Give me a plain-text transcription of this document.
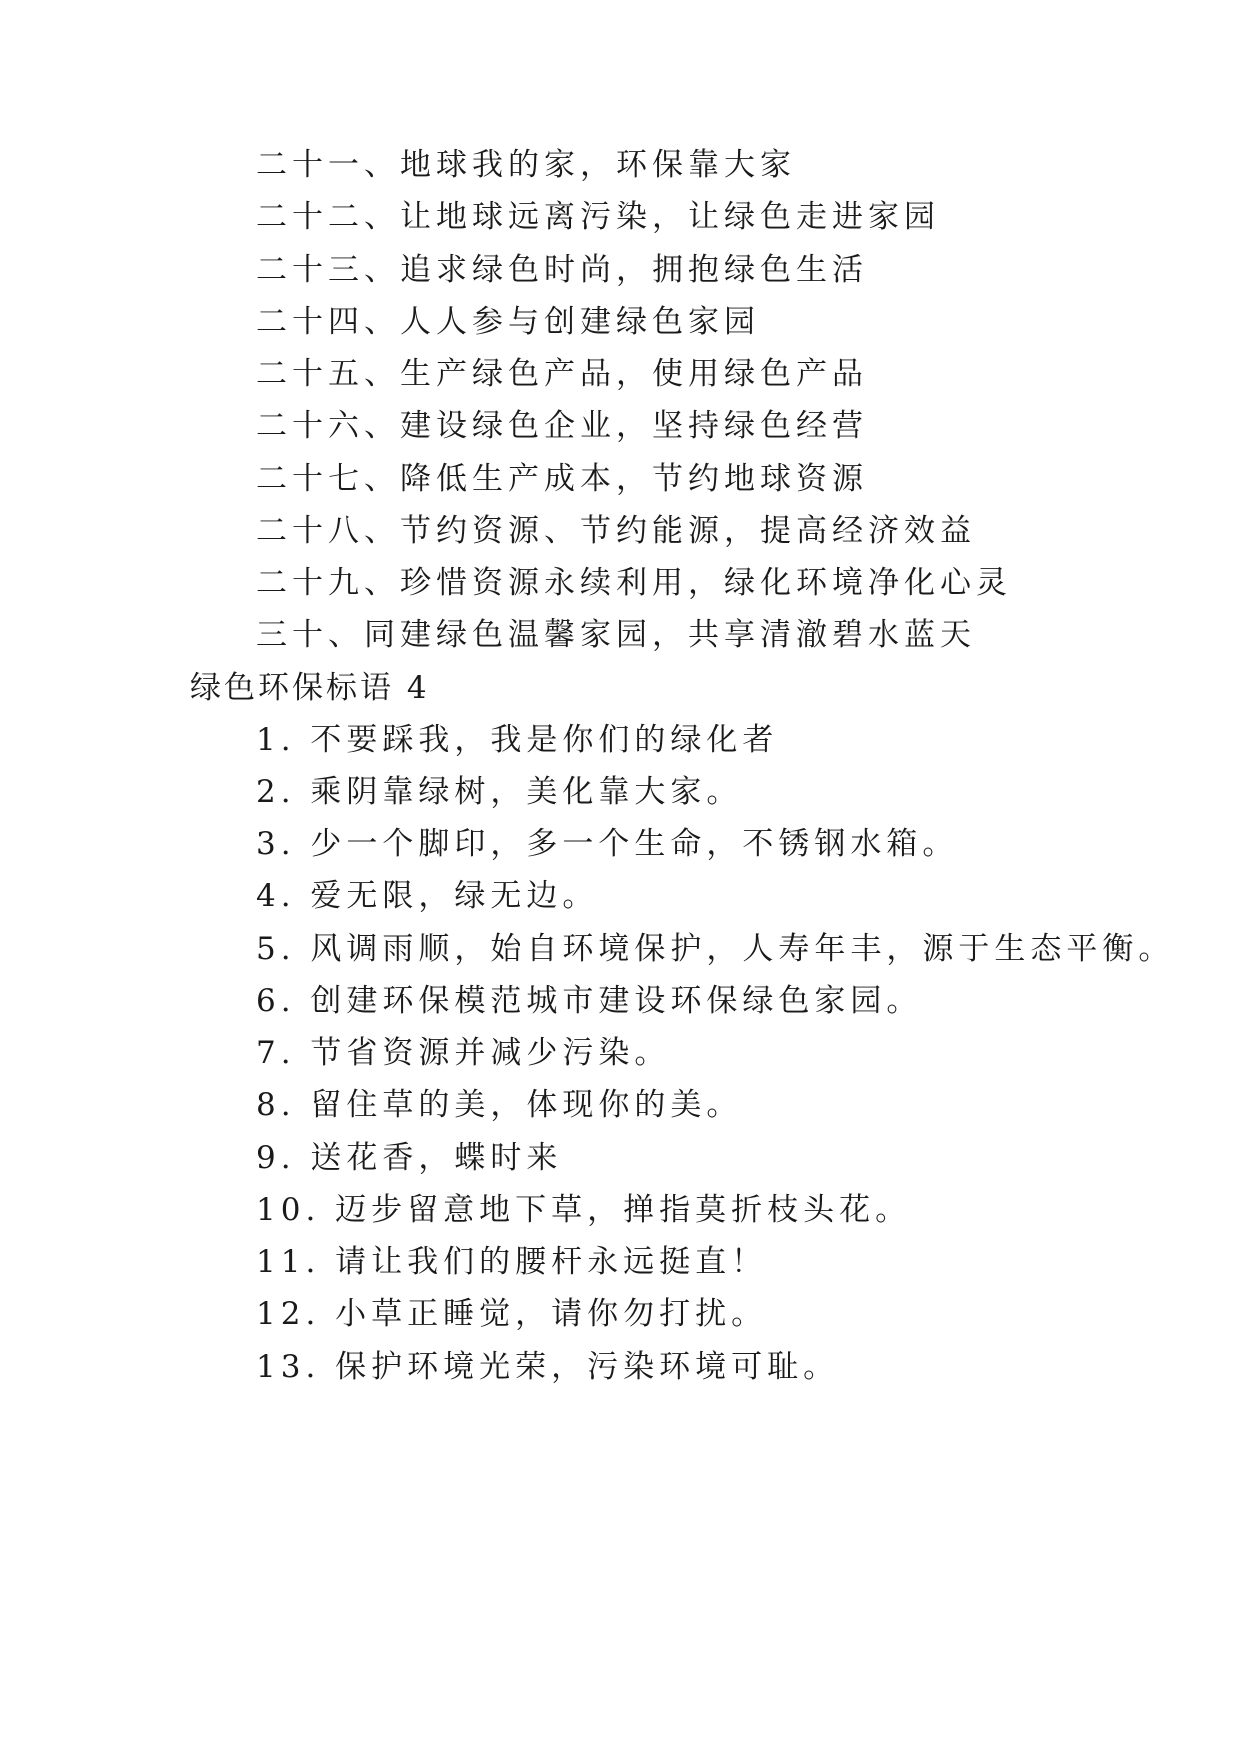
二十一、地球我的家，环保靠大家
二十二、让地球远离污染，让绿色走进家园
二十三、追求绿色时尚，拥抱绿色生活
二十四、人人参与创建绿色家园
二十五、生产绿色产品，使用绿色产品
二十六、建设绿色企业，坚持绿色经营
二十七、降低生产成本，节约地球资源
二十八、节约资源、节约能源，提高经济效益
二十九、珍惜资源永续利用，绿化环境净化心灵
三十、同建绿色温馨家园，共享清澈碧水蓝天
绿色环保标语 4
1. 不要踩我，我是你们的绿化者
2. 乘阴靠绿树，美化靠大家。
3. 少一个脚印，多一个生命，不锈钢水箱。
4. 爱无限，绿无边。
5. 风调雨顺，始自环境保护，人寿年丰，源于生态平衡。
6. 创建环保模范城市建设环保绿色家园。
7. 节省资源并减少污染。
8. 留住草的美，体现你的美。
9. 送花香，蝶时来
10. 迈步留意地下草，掸指莫折枝头花。
11. 请让我们的腰杆永远挺直！
12. 小草正睡觉，请你勿打扰。
13. 保护环境光荣，污染环境可耻。
